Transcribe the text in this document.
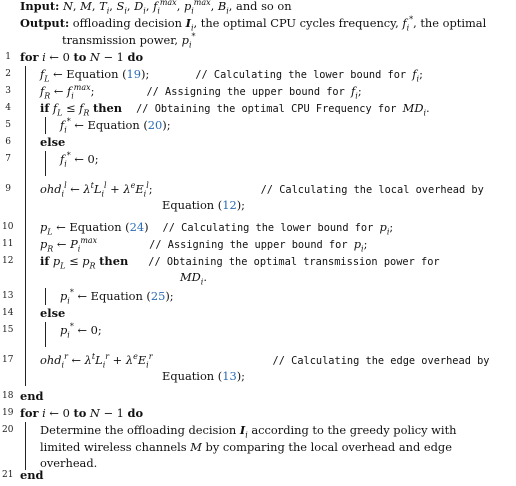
Input: N, M, $T_i$, $S_i$, $D_i$, $f_i^{max}$, $p_i^{max}$, $B_i$, and so on
Output: offloading decision $I_i$, the optimal CPU cycles frequency, $f_i^*$, the optimal
transmission power, $p_i^*$
1 for i ← 0 to N − 1 do
2	$f_L$ ← Equation (19);	// Calculating the lower bound for $f_i$;
3	$f_R$ ← $f_i^{max}$;	// Assigning the upper bound for $f_i$;
4	if $f_L \le f_R$ then // Obtaining the optimal CPU Frequency for $MD_i$.
5	$f_i^*$ ← Equation (20);
6	else
7	$f_i^*$ ← 0;
9	ohd$_i^l$ ← $\lambda^tL_i^l + \lambda^eE_i^l$;	// Calculating the local overhead by
Equation (12);
10 $p_L$ ← Equation (24) // Calculating the lower bound for $p_i$;
11 $p_R$ ← $P_i^{max}$	// Assigning the upper bound for $p_i$;
12 if $p_L \le p_R$ then // Obtaining the optimal transmission power for
$MD_i$.
13	$p_i^*$ ← Equation (25);
14 else
15	$p_i^*$ ← 0;
17 ohd$_i^r$ ← $\lambda^tL_i^r + \lambda^eE_i^r$	// Calculating the edge overhead by
Equation (13);
18 end
19 for i ← 0 to N − 1 do
20 Determine the offloading decision $I_i$ according to the greedy policy with
limited wireless channels M by comparing the local overhead and edge
overhead.
21 end
